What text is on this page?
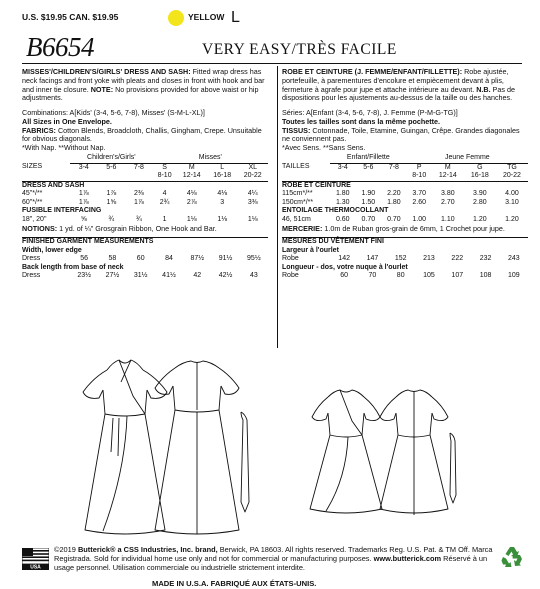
U.S. $19.95 CAN. $19.95	YELLOW L
B6654	VERY EASY/TRÈS FACILE
MISSES'/CHILDREN'S/GIRLS' DRESS AND SASH: Fitted wrap dress has neck facings and front yoke with pleats and closes in front with hook and bar and inner tie closure. NOTE: No provisions provided for above waist or hip adjustments.
Combinations: A[Kids' (3-4, 5-6, 7-8), Misses' (S-M-L-XL)]
All Sizes in One Envelope.
FABRICS: Cotton Blends, Broadcloth, Challis, Gingham, Crepe. Unsuitable for obvious diagonals.
*With Nap. **Without Nap.
	Children's/Girls'			Misses'			
SIZES	3-4	5-6	7-8	S	M	L	XL
				8-10	12-14	16-18	20-22
DRESS AND SASH							
45"*/**	1⅞	1⅞	2⅜	4	4⅛	4⅛	4¼
60"*/**	1⅞	1⅝	1⅞	2¾	2⅞	3	3⅜
FUSIBLE INTERFACING							
18", 20"	⅝	¾	¾	1	1⅛	1⅛	1⅛
NOTIONS: 1 yd. of ¼" Grosgrain Ribbon, One Hook and Bar.
FINISHED GARMENT MEASUREMENTS							
Width, lower edge							
Dress	56	58	60	84	87½	91½	95½
Back length from base of neck							
Dress	23½	27½	31½	41½	42	42½	43
ROBE ET CEINTURE (J. FEMME/ENFANT/FILLETTE): Robe ajustée, portefeuille, à parementures d'encolure et empiècement devant à plis, fermeture à agrafe pour jupe et attache intérieure au devant. N.B. Pas de dispositions pour les ajustements au-dessus de la taille ou des hanches.
Séries: A[Enfant (3-4, 5-6, 7-8), J. Femme (P-M-G-TG)]
Toutes les tailles sont dans la même pochette.
TISSUS: Cotonnade, Toile, Etamine, Guingan, Crêpe. Grandes diagonales ne conviennent pas.
*Avec Sens. **Sans Sens.
	Enfant/Fillette			Jeune Femme			
TAILLES	3-4	5-6	7-8	P	M	G	TG
				8-10	12-14	16-18	20-22
ROBE ET CEINTURE							
115cm*/**	1.80	1.90	2.20	3.70	3.80	3.90	4.00
150cm*/**	1.30	1.50	1.80	2.60	2.70	2.80	3.10
ENTOILAGE THERMOCOLLANT							
46, 51cm	0.60	0.70	0.70	1.00	1.10	1.20	1.20
MERCERIE: 1.0m de Ruban gros-grain de 6mm, 1 Crochet pour jupe.
MESURES DU VÊTEMENT FINI							
Largeur à l'ourlet							
Robe	142	147	152	213	222	232	243
Longueur - dos, votre nuque à l'ourlet							
Robe	60	70	80	105	107	108	109
USA
©2019 Butterick® a CSS Industries, Inc. brand, Berwick, PA 18603. All rights reserved. Trademarks Reg. U.S. Pat. & TM Off. Marca Registrada. Sold for individual home use only and not for commercial or manufacturing purposes. www.butterick.com Réservé à un usage personnel. Utilisation commerciale ou industrielle strictement interdite.
MADE IN U.S.A. FABRIQUÉ AUX ÉTATS-UNIS.
